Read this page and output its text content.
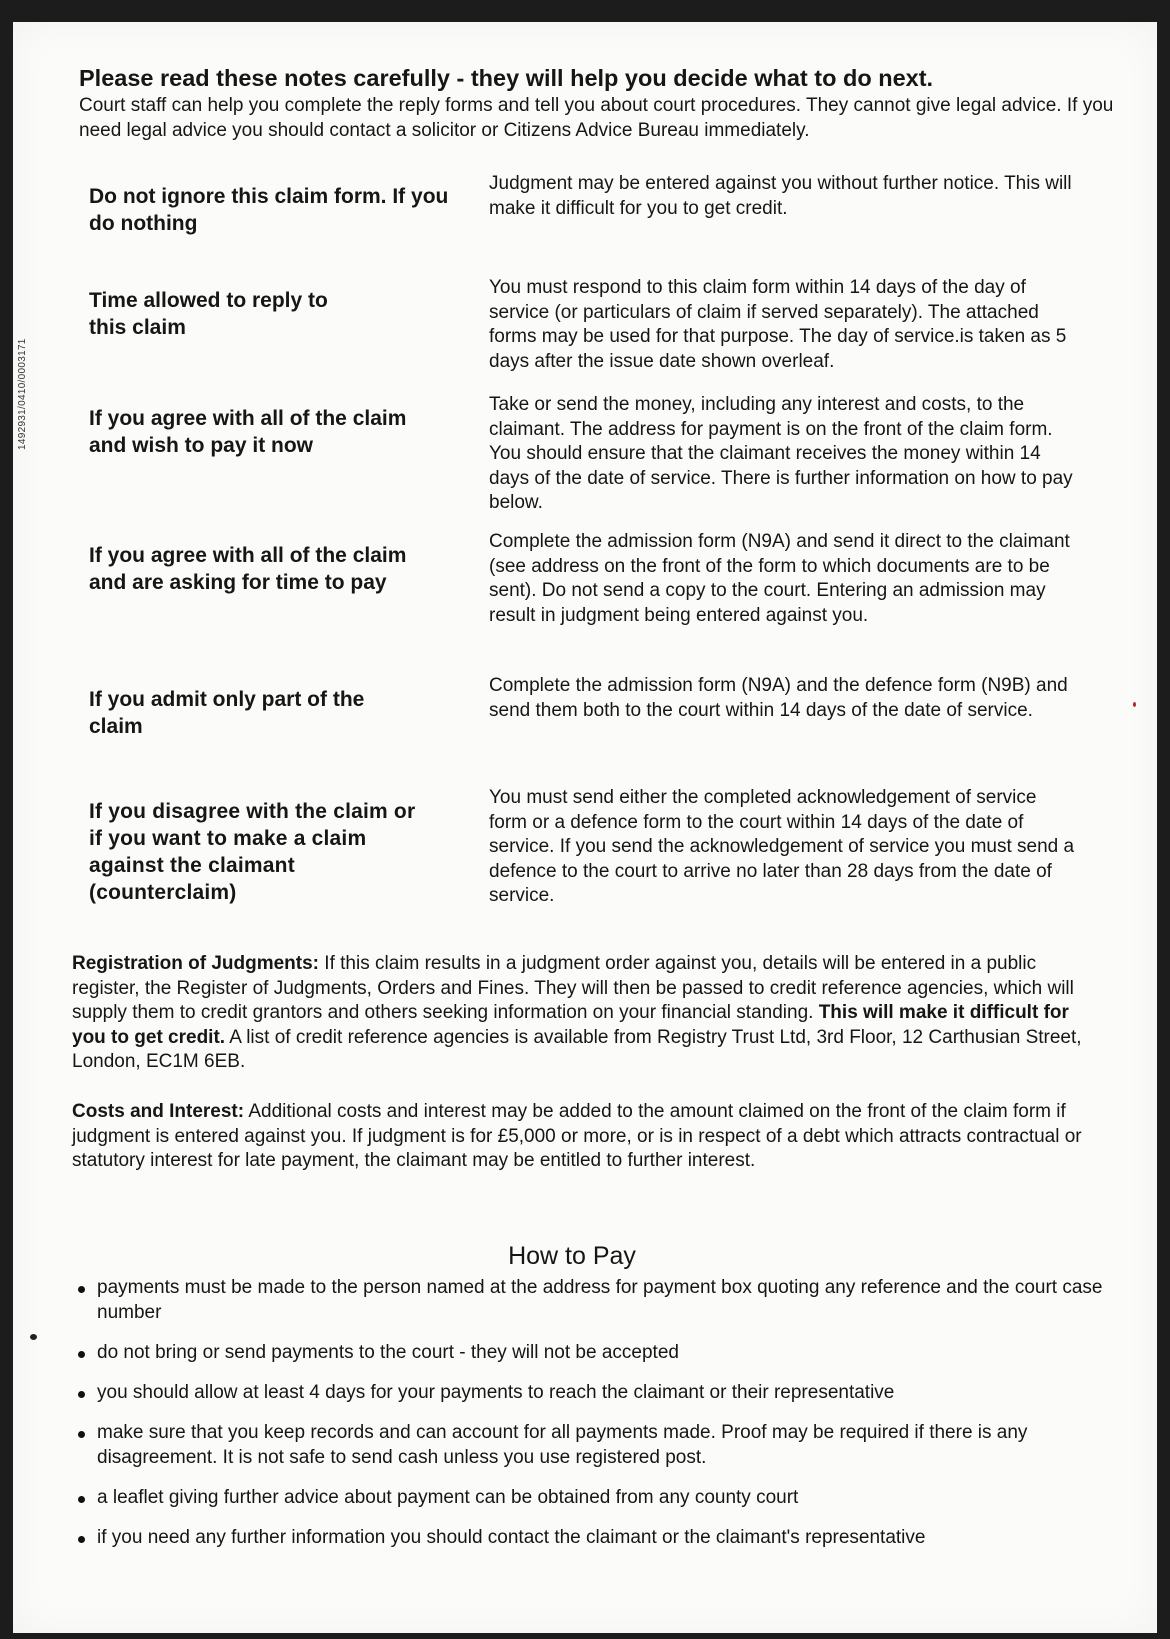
1492931/0410/0003171
Please read these notes carefully - they will help you decide what to do next.

Court staff can help you complete the reply forms and tell you about court procedures. They cannot give legal advice. If you need legal advice you should contact a solicitor or Citizens Advice Bureau immediately.

Do not ignore this claim form. If you do nothing
Judgment may be entered against you without further notice. This will make it difficult for you to get credit.
Time allowed to reply to this claim
You must respond to this claim form within 14 days of the day of service (or particulars of claim if served separately). The attached forms may be used for that purpose. The day of service.is taken as 5 days after the issue date shown overleaf.
If you agree with all of the claim and wish to pay it now
Take or send the money, including any interest and costs, to the claimant. The address for payment is on the front of the claim form. You should ensure that the claimant receives the money within 14 days of the date of service. There is further information on how to pay below.
If you agree with all of the claim and are asking for time to pay
Complete the admission form (N9A) and send it direct to the claimant (see address on the front of the form to which documents are to be sent). Do not send a copy to the court. Entering an admission may result in judgment being entered against you.
If you admit only part of the claim
Complete the admission form (N9A) and the defence form (N9B) and send them both to the court within 14 days of the date of service.
If you disagree with the claim or if you want to make a claim against the claimant (counterclaim)
You must send either the completed acknowledgement of service form or a defence form to the court within 14 days of the date of service. If you send the acknowledgement of service you must send a defence to the court to arrive no later than 28 days from the date of service.

Registration of Judgments: If this claim results in a judgment order against you, details will be entered in a public register, the Register of Judgments, Orders and Fines. They will then be passed to credit reference agencies, which will supply them to credit grantors and others seeking information on your financial standing. This will make it difficult for you to get credit. A list of credit reference agencies is available from Registry Trust Ltd, 3rd Floor, 12 Carthusian Street, London, EC1M 6EB.

Costs and Interest: Additional costs and interest may be added to the amount claimed on the front of the claim form if judgment is entered against you. If judgment is for £5,000 or more, or is in respect of a debt which attracts contractual or statutory interest for late payment, the claimant may be entitled to further interest.

How to Pay
payments must be made to the person named at the address for payment box quoting any reference and the court case number
do not bring or send payments to the court - they will not be accepted
you should allow at least 4 days for your payments to reach the claimant or their representative
make sure that you keep records and can account for all payments made. Proof may be required if there is any disagreement. It is not safe to send cash unless you use registered post.
a leaflet giving further advice about payment can be obtained from any county court
if you need any further information you should contact the claimant or the claimant's representative
